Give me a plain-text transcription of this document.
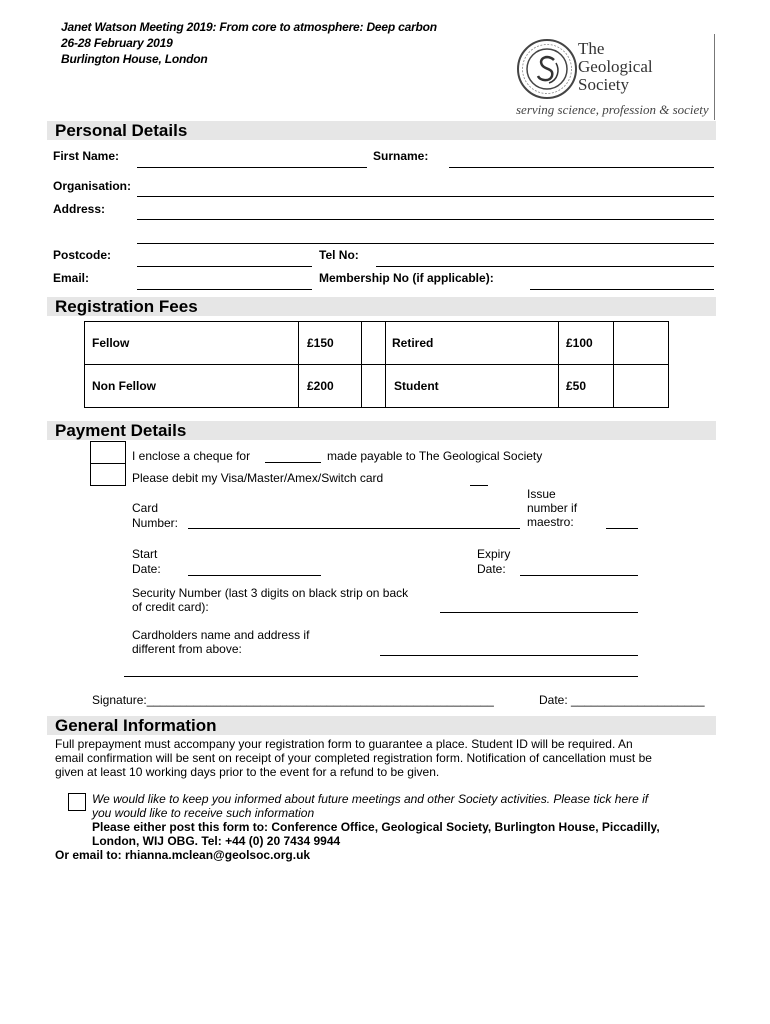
Janet Watson Meeting 2019: From core to atmosphere: Deep carbon
26-28 February 2019
Burlington House, London
The
Geological
Society
serving science, profession & society
Personal Details
First Name:	Surname:
Organisation:
Address:
Postcode:	Tel No:
Email:	Membership No (if applicable):
Registration Fees
Fellow	£150	Retired	£100
Non Fellow	£200	Student	£50
Payment Details
I enclose a cheque for	made payable to The Geological Society
Please debit my Visa/Master/Amex/Switch card
Card
Number:
Issue
number if
maestro:
Start
Date:
Expiry
Date:
Security Number (last 3 digits on black strip on back
of credit card):
Cardholders name and address if
different from above:
Signature:____________________________________________________	Date: ____________________
General Information
Full prepayment must accompany your registration form to guarantee a place. Student ID will be required. An
email confirmation will be sent on receipt of your completed registration form. Notification of cancellation must be
given at least 10 working days prior to the event for a refund to be given.
We would like to keep you informed about future meetings and other Society activities. Please tick here if
you would like to receive such information
Please either post this form to: Conference Office, Geological Society, Burlington House, Piccadilly,
London, WIJ OBG. Tel: +44 (0) 20 7434 9944
Or email to: rhianna.mclean@geolsoc.org.uk
